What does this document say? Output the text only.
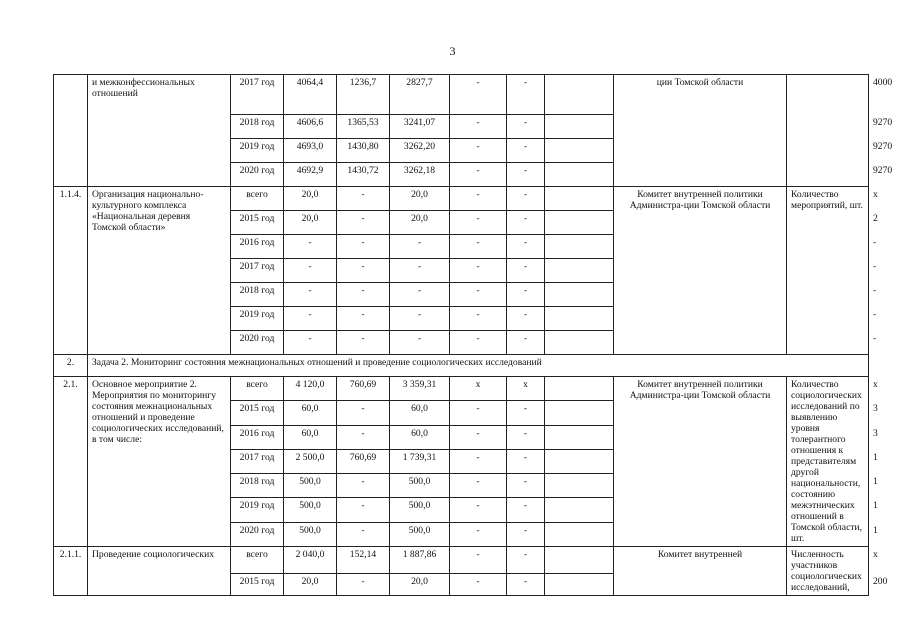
3
	и межконфессиональных отношений	2017 год	4064,4	1236,7	2827,7	-	-		ции Томской области		4000
		2018 год	4606,6	1365,53	3241,07	-	-				9270
		2019 год	4693,0	1430,80	3262,20	-	-				9270
		2020 год	4692,9	1430,72	3262,18	-	-				9270
1.1.4.	Организация национально-культурного комплекса «Национальная деревня Томской области»	всего	20,0	-	20,0	-	-		Комитет внутренней политики Администра-ции Томской области	Количество мероприятий, шт.	x
		2015 год	20,0	-	20,0	-	-				2
		2016 год	-	-	-	-	-				-
		2017 год	-	-	-	-	-				-
		2018 год	-	-	-	-	-				-
		2019 год	-	-	-	-	-				-
		2020 год	-	-	-	-	-				-
2.	Задача 2. Мониторинг состояния межнациональных отношений и проведение социологических исследований										
2.1.	Основное мероприятие 2. Мероприятия по мониторингу состояния межнациональных отношений и проведение социологических исследований, в том числе:	всего	4 120,0	760,69	3 359,31	x	x		Комитет внутренней политики Администра-ции Томской области	Количество социологических исследований по выявлению уровня толерантного отношения к представителям другой национальности, состоянию межэтнических отношений в Томской области, шт.	x
		2015 год	60,0	-	60,0	-	-				3
		2016 год	60,0	-	60,0	-	-				3
		2017 год	2 500,0	760,69	1 739,31	-	-				1
		2018 год	500,0	-	500,0	-	-				1
		2019 год	500,0	-	500,0	-	-				1
		2020 год	500,0	-	500,0	-	-				1
2.1.1.	Проведение социологических	всего	2 040,0	152,14	1 887,86	-	-		Комитет внутренней	Численность участников социологических исследований,	x
		2015 год	20,0	-	20,0	-	-				200
